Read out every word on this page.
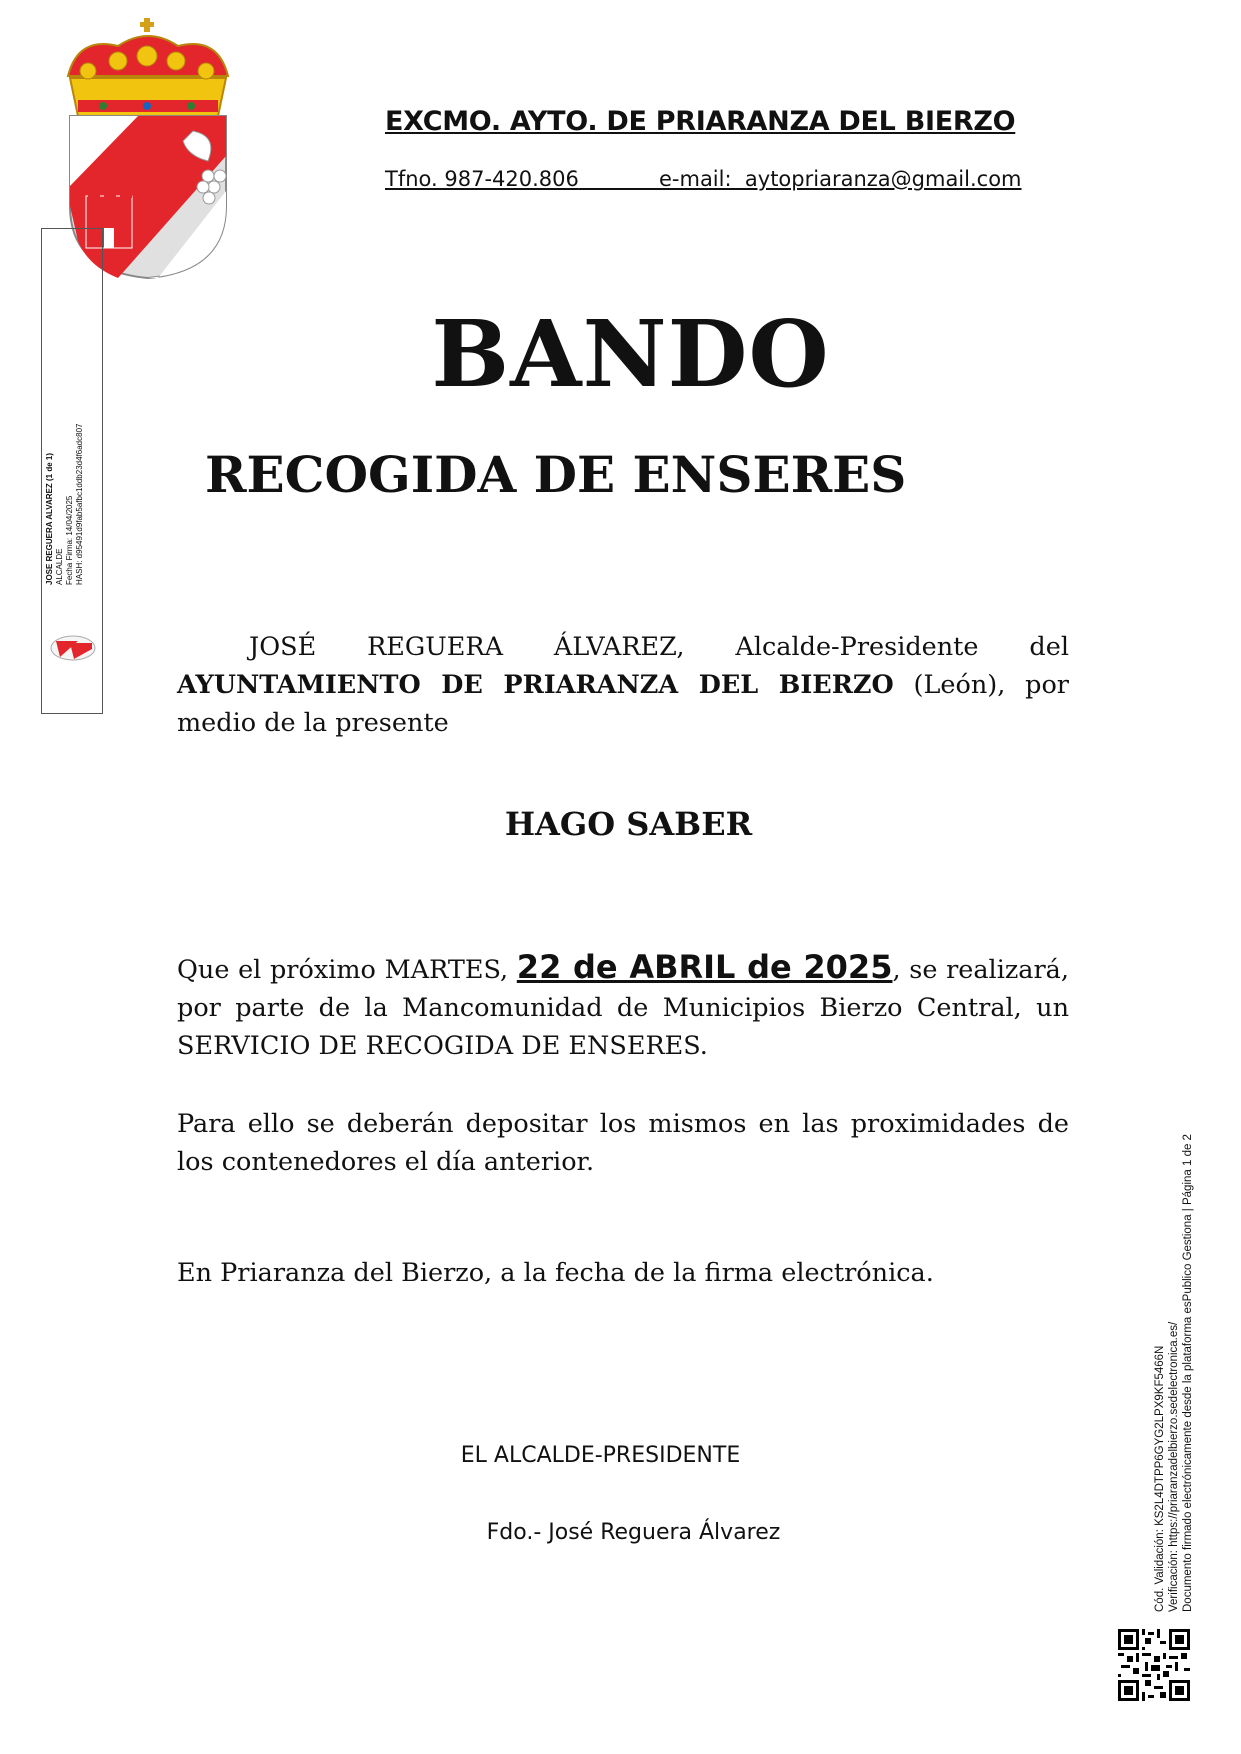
EXCMO. AYTO. DE PRIARANZA DEL BIERZO
Tfno. 987-420.806	e-mail:  aytopriaranza@gmail.com
JOSE REGUERA ALVAREZ (1 de 1) ALCALDE Fecha Firma: 14/04/2025 HASH: d95491d9fab5afbc1ddb23d4f6adc807
BANDO
RECOGIDA DE ENSERES

JOSÉ REGUERA ÁLVAREZ, Alcalde-Presidente del AYUNTAMIENTO DE PRIARANZA DEL BIERZO (León), por medio de la presente

HAGO SABER

Que el próximo MARTES, 22 de ABRIL de 2025, se realizará, por parte de la Mancomunidad de Municipios Bierzo Central, un SERVICIO DE RECOGIDA DE ENSERES.

Para ello se deberán depositar los mismos en las proximidades de los contenedores el día anterior.
En Priaranza del Bierzo, a la fecha de la firma electrónica.
EL ALCALDE-PRESIDENTE
Fdo.- José Reguera Álvarez	Cód. Validación: KS2L4DTPP6GYG2LPX9KF5466N Verificación: https://priaranzadelbierzo.sedelectronica.es/ Documento firmado electrónicamente desde la plataforma esPublico Gestiona | Página 1 de 2
